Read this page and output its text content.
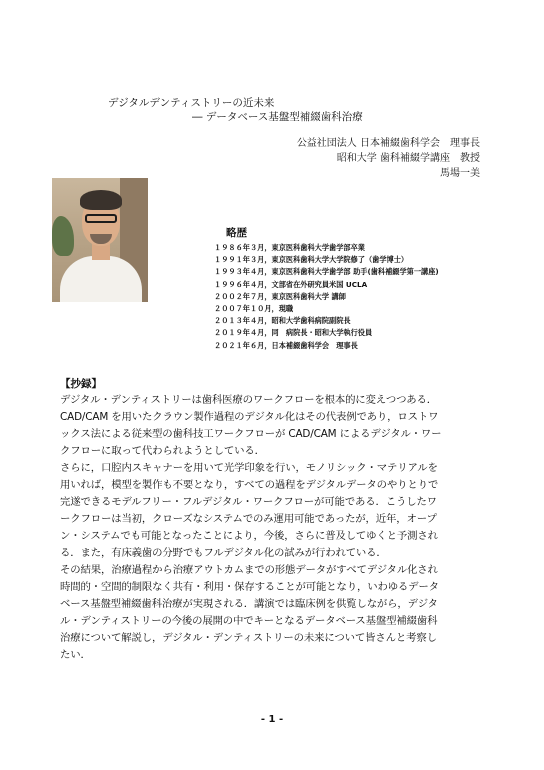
デジタルデンティストリーの近未来
― データベース基盤型補綴歯科治療
公益社団法人 日本補綴歯科学会　理事長
昭和大学 歯科補綴学講座　教授
馬場一美
略歴
１９８６年３月，東京医科歯科大学歯学部卒業
１９９１年３月，東京医科歯科大学大学院修了（歯学博士）
１９９３年４月，東京医科歯科大学歯学部 助手(歯科補綴学第一講座)
１９９６年４月，文部省在外研究員米国 UCLA
２００２年７月，東京医科歯科大学 講師
２００７年１０月，現職
２０１３年４月，昭和大学歯科病院副院長
２０１９年４月，同　病院長・昭和大学執行役員
２０２１年６月，日本補綴歯科学会　理事長
【抄録】
デジタル・デンティストリーは歯科医療のワークフローを根本的に変えつつある．
CAD/CAM を用いたクラウン製作過程のデジタル化はその代表例であり，ロストワ
ックス法による従来型の歯科技工ワークフローが CAD/CAM によるデジタル・ワー
クフローに取って代わられようとしている．
さらに，口腔内スキャナーを用いて光学印象を行い，モノリシック・マテリアルを
用いれば，模型を製作も不要となり，すべての過程をデジタルデータのやりとりで
完遂できるモデルフリー・フルデジタル・ワークフローが可能である．こうしたワ
ークフローは当初，クローズなシステムでのみ運用可能であったが，近年，オープ
ン・システムでも可能となったことにより，今後，さらに普及してゆくと予測され
る．また，有床義歯の分野でもフルデジタル化の試みが行われている．
その結果，治療過程から治療アウトカムまでの形態データがすべてデジタル化され
時間的・空間的制限なく共有・利用・保存することが可能となり，いわゆるデータ
ベース基盤型補綴歯科治療が実現される．講演では臨床例を供覧しながら，デジタ
ル・デンティストリーの今後の展開の中でキーとなるデータベース基盤型補綴歯科
治療について解説し，デジタル・デンティストリーの未来について皆さんと考察し
たい．
- 1 -
